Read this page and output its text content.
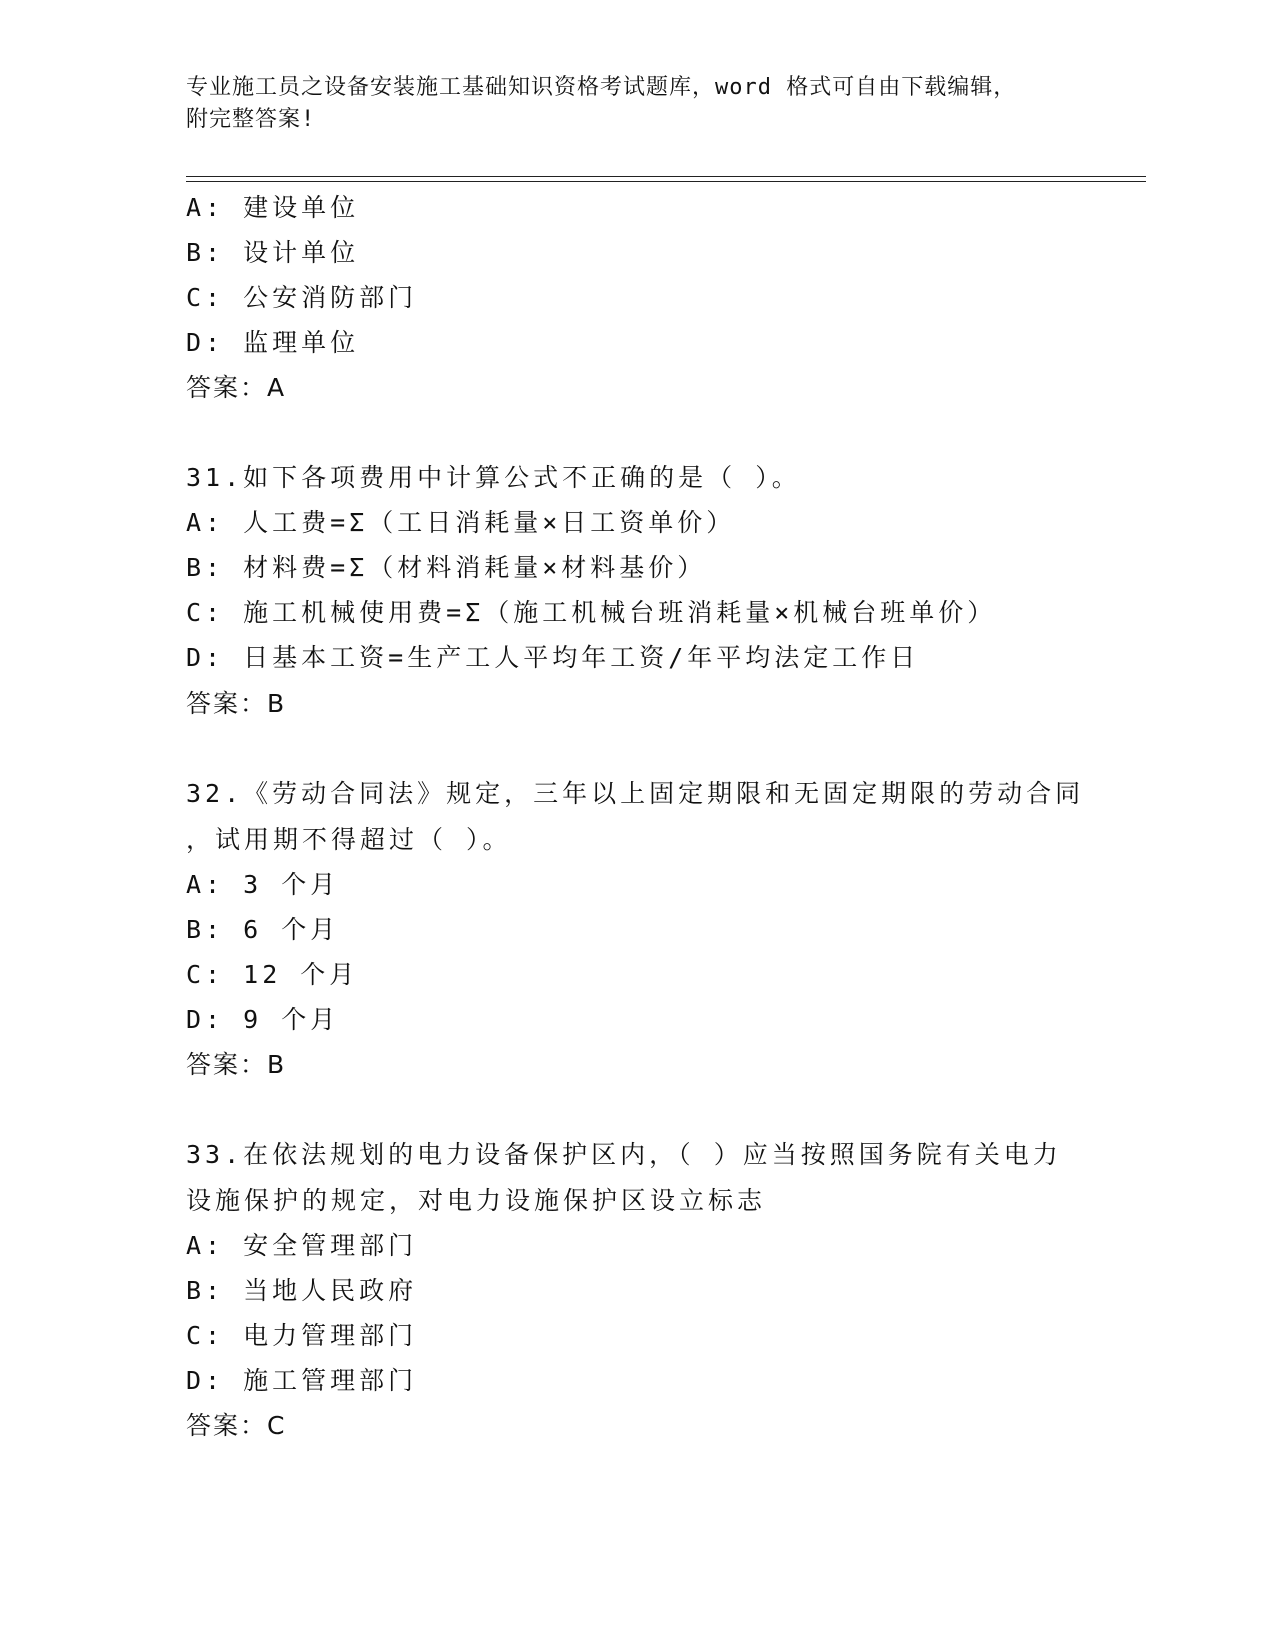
专业施工员之设备安装施工基础知识资格考试题库，word 格式可自由下载编辑，
附完整答案!
A: 建设单位
B: 设计单位
C: 公安消防部门
D: 监理单位
答案：A
31.如下各项费用中计算公式不正确的是（ ）。
A: 人工费=Σ（工日消耗量×日工资单价）
B: 材料费=Σ（材料消耗量×材料基价）
C: 施工机械使用费=Σ（施工机械台班消耗量×机械台班单价）
D: 日基本工资=生产工人平均年工资/年平均法定工作日
答案：B
32.《劳动合同法》规定，三年以上固定期限和无固定期限的劳动合同
，试用期不得超过（ ）。
A: 3 个月
B: 6 个月
C: 12 个月
D: 9 个月
答案：B
33.在依法规划的电力设备保护区内，（ ）应当按照国务院有关电力
设施保护的规定，对电力设施保护区设立标志
A: 安全管理部门
B: 当地人民政府
C: 电力管理部门
D: 施工管理部门
答案：C
